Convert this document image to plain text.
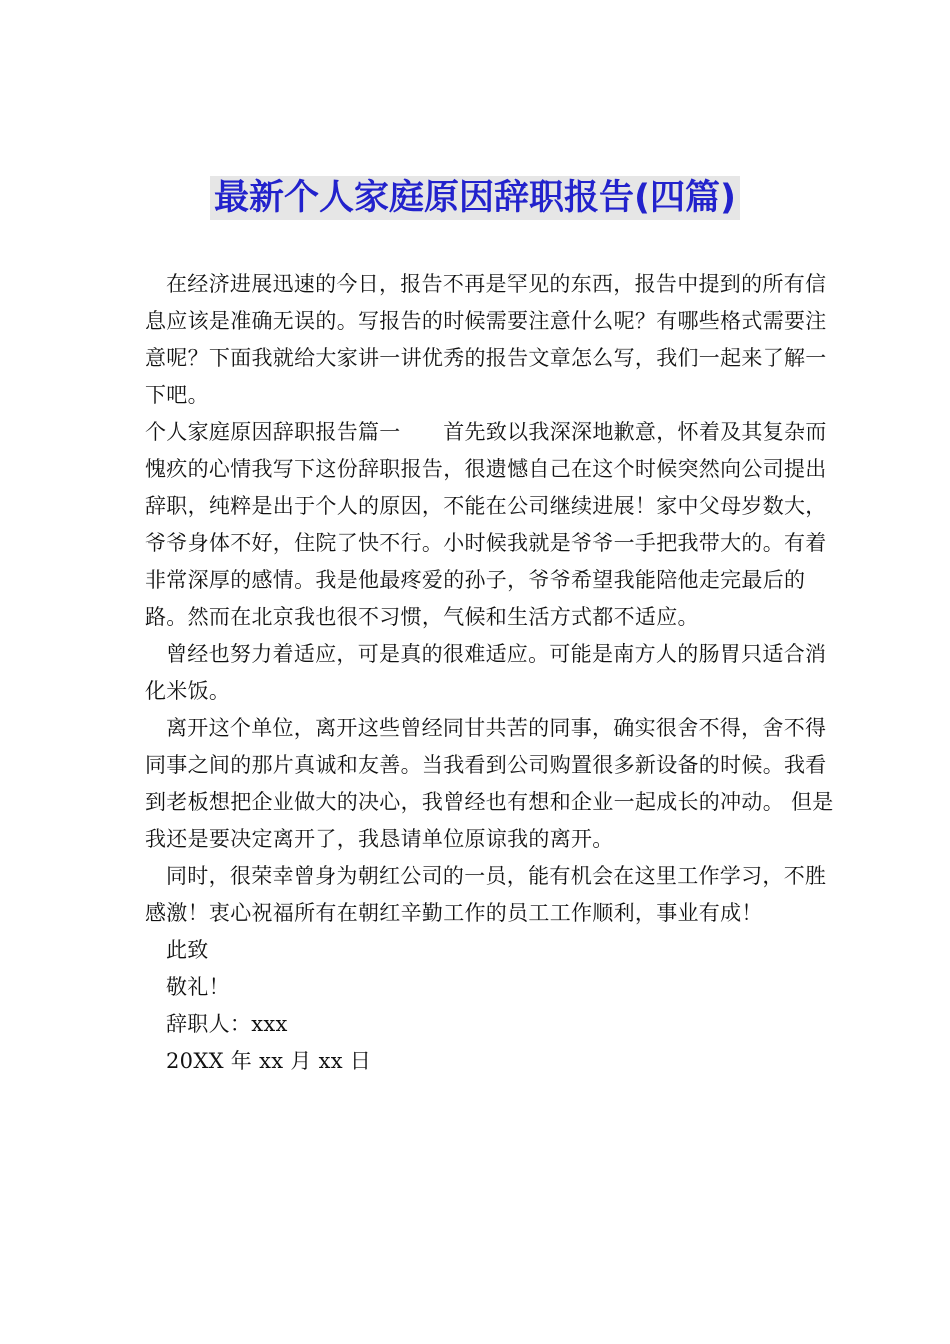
最新个人家庭原因辞职报告(四篇)

在经济进展迅速的今日，报告不再是罕见的东西，报告中提到的所有信息应该是准确无误的。写报告的时候需要注意什么呢？有哪些格式需要注意呢？下面我就给大家讲一讲优秀的报告文章怎么写，我们一起来了解一下吧。

个人家庭原因辞职报告篇一　　 首先致以我深深地歉意，怀着及其复杂而愧疚的心情我写下这份辞职报告，很遗憾自己在这个时候突然向公司提出辞职，纯粹是出于个人的原因，不能在公司继续进展！家中父母岁数大，爷爷身体不好，住院了快不行。小时候我就是爷爷一手把我带大的。有着非常深厚的感情。我是他最疼爱的孙子，爷爷希望我能陪他走完最后的路。然而在北京我也很不习惯，气候和生活方式都不适应。

曾经也努力着适应，可是真的很难适应。可能是南方人的肠胃只适合消化米饭。

离开这个单位，离开这些曾经同甘共苦的同事，确实很舍不得，舍不得同事之间的那片真诚和友善。当我看到公司购置很多新设备的时候。我看到老板想把企业做大的决心，我曾经也有想和企业一起成长的冲动。 但是我还是要决定离开了，我恳请单位原谅我的离开。

同时，很荣幸曾身为朝红公司的一员，能有机会在这里工作学习，不胜感激！衷心祝福所有在朝红辛勤工作的员工工作顺利，事业有成！

此致

敬礼！

辞职人：xxx

20XX 年 xx 月 xx 日
